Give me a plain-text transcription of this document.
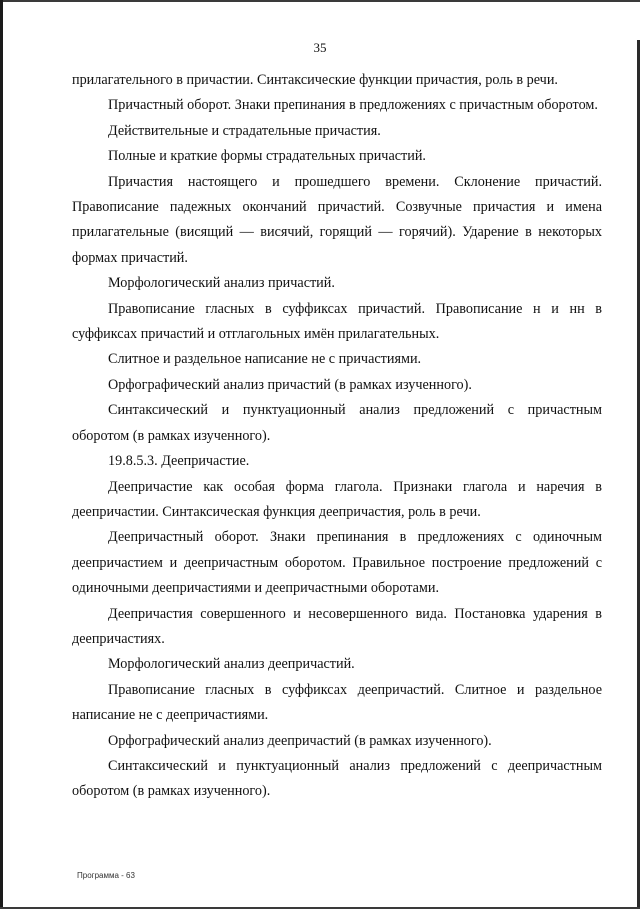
35

прилагательного в причастии. Синтаксические функции причастия, роль в речи.

Причастный оборот. Знаки препинания в предложениях с причастным оборотом.

Действительные и страдательные причастия.

Полные и краткие формы страдательных причастий.

Причастия настоящего и прошедшего времени. Склонение причастий. Правописание падежных окончаний причастий. Созвучные причастия и имена прилагательные (висящий — висячий, горящий — горячий). Ударение в некоторых формах причастий.

Морфологический анализ причастий.

Правописание гласных в суффиксах причастий. Правописание н и нн в суффиксах причастий и отглагольных имён прилагательных.

Слитное и раздельное написание не с причастиями.

Орфографический анализ причастий (в рамках изученного).

Синтаксический и пунктуационный анализ предложений с причастным оборотом (в рамках изученного).

19.8.5.3. Деепричастие.

Деепричастие как особая форма глагола. Признаки глагола и наречия в деепричастии. Синтаксическая функция деепричастия, роль в речи.

Деепричастный оборот. Знаки препинания в предложениях с одиночным деепричастием и деепричастным оборотом. Правильное построение предложений с одиночными деепричастиями и деепричастными оборотами.

Деепричастия совершенного и несовершенного вида. Постановка ударения в деепричастиях.

Морфологический анализ деепричастий.

Правописание гласных в суффиксах деепричастий. Слитное и раздельное написание не с деепричастиями.

Орфографический анализ деепричастий (в рамках изученного).

Синтаксический и пунктуационный анализ предложений с деепричастным оборотом (в рамках изученного).

Программа - 63
